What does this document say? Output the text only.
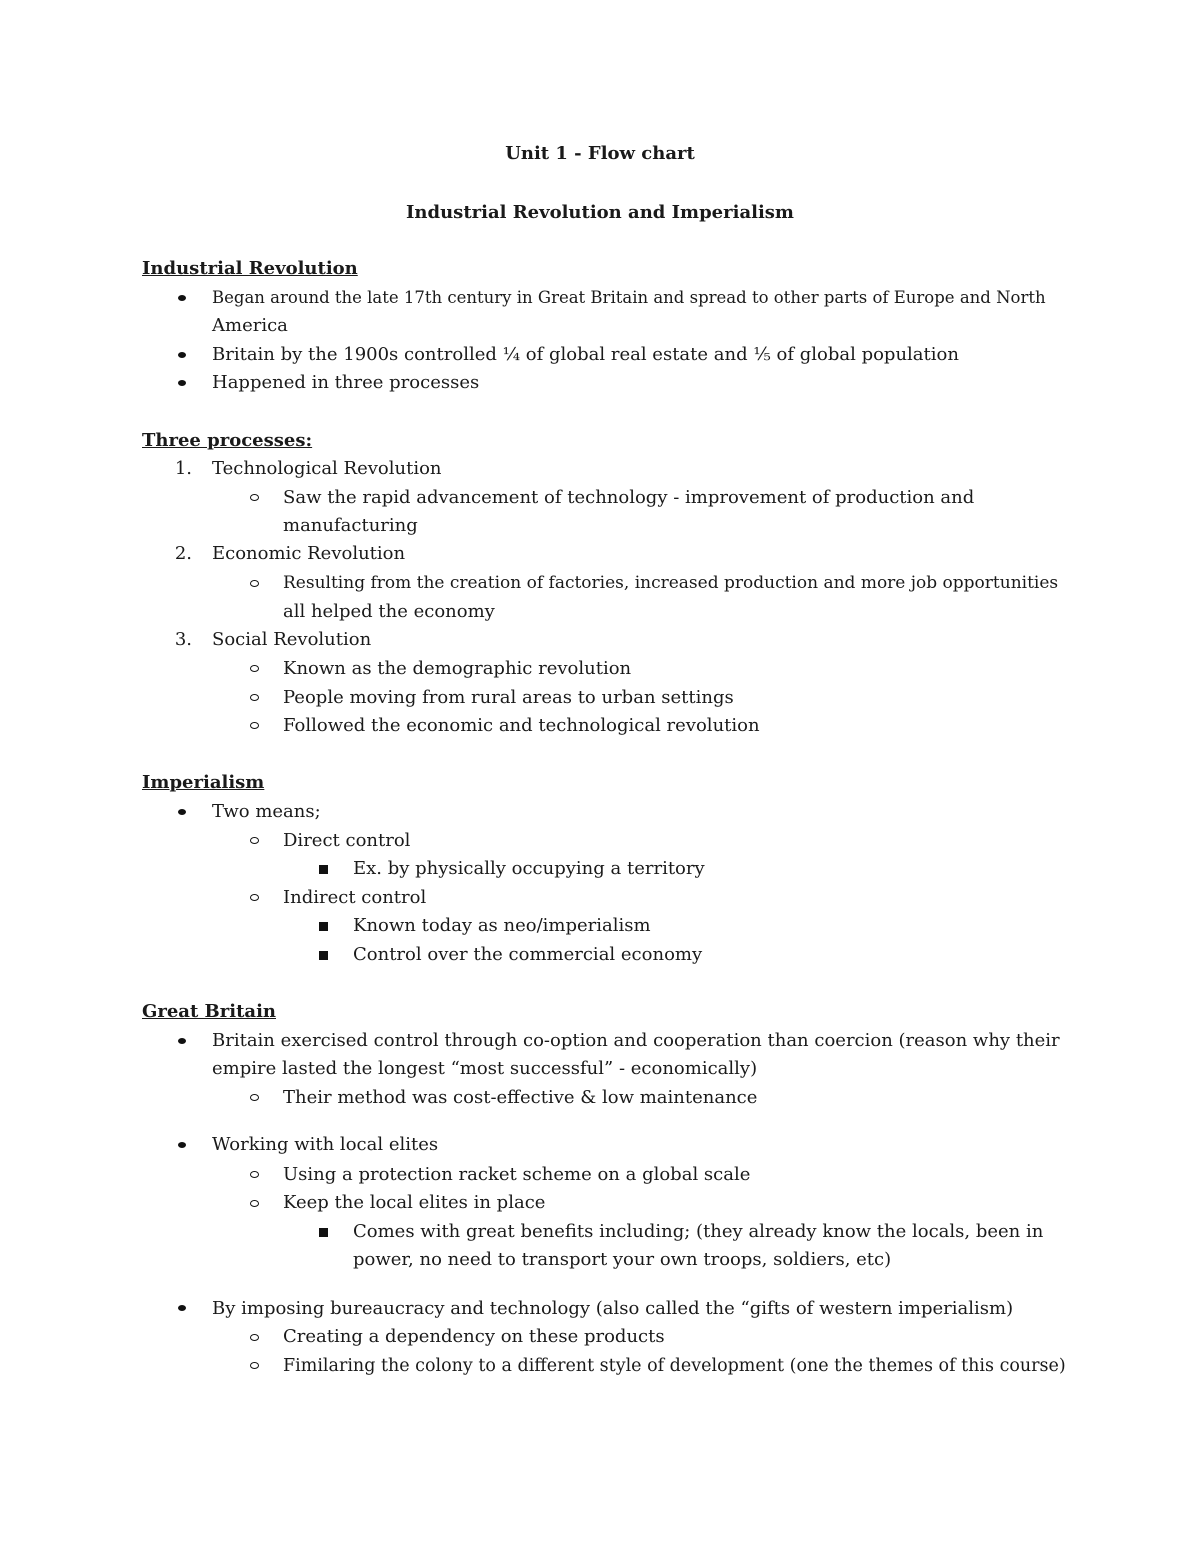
Unit 1 - Flow chart
Industrial Revolution and Imperialism
Industrial Revolution
Began around the late 17th century in Great Britain and spread to other parts of Europe and North
America
Britain by the 1900s controlled ¼ of global real estate and ⅕ of global population
Happened in three processes
Three processes:
1. Technological Revolution
Saw the rapid advancement of technology - improvement of production and
manufacturing
2. Economic Revolution
Resulting from the creation of factories, increased production and more job opportunities
all helped the economy
3. Social Revolution
Known as the demographic revolution
People moving from rural areas to urban settings
Followed the economic and technological revolution
Imperialism
Two means;
Direct control
Ex. by physically occupying a territory
Indirect control
Known today as neo/imperialism
Control over the commercial economy
Great Britain
Britain exercised control through co-option and cooperation than coercion (reason why their
empire lasted the longest “most successful” - economically)
Their method was cost-effective & low maintenance
Working with local elites
Using a protection racket scheme on a global scale
Keep the local elites in place
Comes with great benefits including; (they already know the locals, been in
power, no need to transport your own troops, soldiers, etc)
By imposing bureaucracy and technology (also called the “gifts of western imperialism)
Creating a dependency on these products
Fimilaring the colony to a different style of development (one the themes of this course)
